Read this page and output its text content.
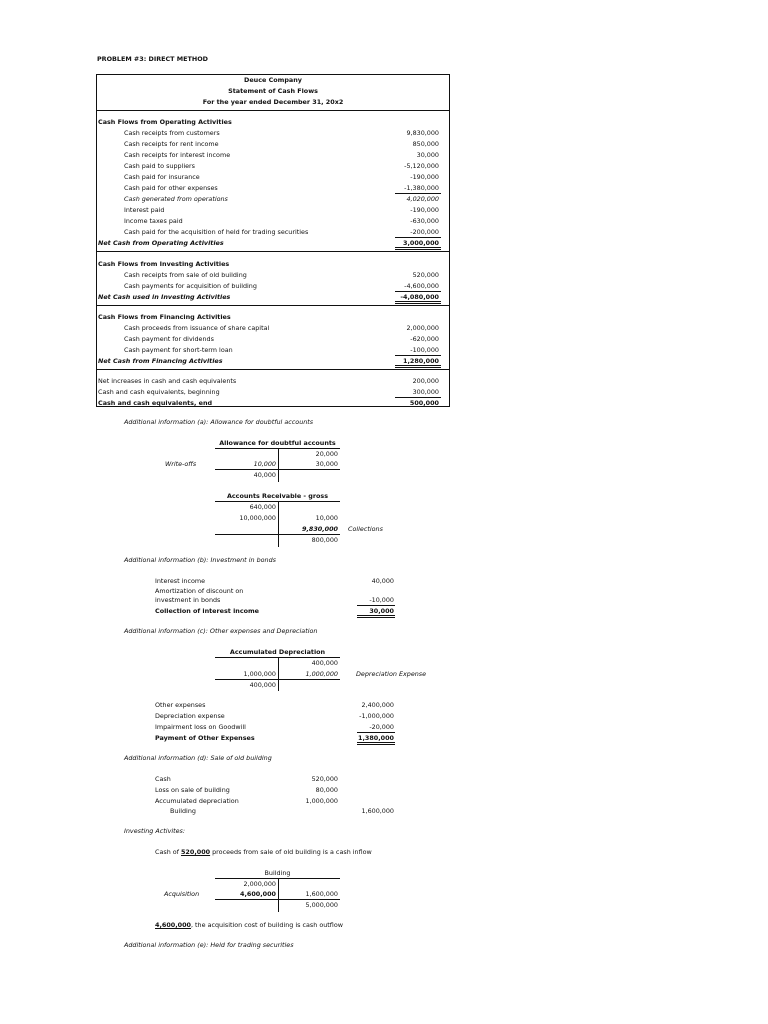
PROBLEM #3: DIRECT METHOD
Deuce Company
Statement of Cash Flows
For the year ended December 31, 20x2
Cash Flows from Operating Activities
Cash receipts from customers	9,830,000
Cash receipts for rent income	850,000
Cash receipts for interest income	30,000
Cash paid to suppliers	-5,120,000
Cash paid for insurance	-190,000
Cash paid for other expenses	-1,380,000
Cash generated from operations	4,020,000
Interest paid	-190,000
Income taxes paid	-630,000
Cash paid for the acquisition of held for trading securities	-200,000
Net Cash from Operating Activities	3,000,000
Cash Flows from Investing Activities
Cash receipts from sale of old building	520,000
Cash payments for acquisition of building	-4,600,000
Net Cash used in Investing Activities	-4,080,000
Cash Flows from Financing Activities
Cash proceeds from issuance of share capital	2,000,000
Cash payment for dividends	-620,000
Cash payment for short-term loan	-100,000
Net Cash from Financing Activities	1,280,000
Net increases in cash and cash equivalents	200,000
Cash and cash equivalents, beginning	300,000
Cash and cash equivalents, end	500,000
Additional information (a): Allowance for doubtful accounts
Allowance for doubtful accounts
20,000
Write-offs	10,000	30,000
40,000
Accounts Receivable - gross
640,000
10,000,000	10,000
9,830,000 Collections
800,000
Additional information (b): Investment in bonds
Interest income	40,000
Amortization of discount on
investment in bonds	-10,000
Collection of interest income	30,000
Additional information (c): Other expenses and Depreciation
Accumulated Depreciation
400,000
1,000,000	1,000,000	Depreciation Expense
400,000
Other expenses	2,400,000
Depreciation expense	-1,000,000
Impairment loss on Goodwill	-20,000
Payment of Other Expenses	1,380,000
Additional information (d): Sale of old building
Cash	520,000
Loss on sale of building	80,000
Accumulated depreciation	1,000,000
Building	1,600,000
Investing Activites:
Cash of 520,000 proceeds from sale of old building is a cash inflow
Building
2,000,000
Acquisition	4,600,000	1,600,000
5,000,000
4,600,000, the acquisition cost of building is cash outflow
Additional information (e): Held for trading securities
